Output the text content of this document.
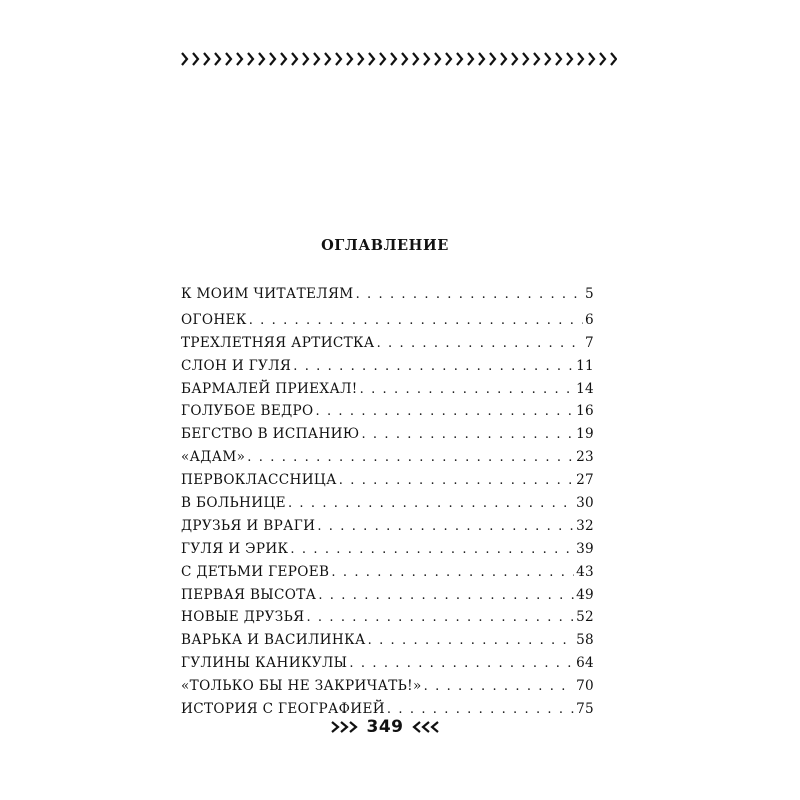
ОГЛАВЛЕНИЕ
К МОИМ ЧИТАТЕЛЯМ . . .	5
ОГОНЕК . . .	6
ТРЕХЛЕТНЯЯ АРТИСТКА . . .	7
СЛОН И ГУЛЯ . . .	11
БАРМАЛЕЙ ПРИЕХАЛ! . . .	14
ГОЛУБОЕ ВЕДРО . . .	16
БЕГСТВО В ИСПАНИЮ . . .	19
«АДАМ» . . .	23
ПЕРВОКЛАССНИЦА . . .	27
В БОЛЬНИЦЕ . . .	30
ДРУЗЬЯ И ВРАГИ . . .	32
ГУЛЯ И ЭРИК . . .	39
С ДЕТЬМИ ГЕРОЕВ . . .	43
ПЕРВАЯ ВЫСОТА . . .	49
НОВЫЕ ДРУЗЬЯ . . .	52
ВАРЬКА И ВАСИЛИНКА . . .	58
ГУЛИНЫ КАНИКУЛЫ . . .	64
«ТОЛЬКО БЫ НЕ ЗАКРИЧАТЬ!» . . .	70
ИСТОРИЯ С ГЕОГРАФИЕЙ . . .	75
349
